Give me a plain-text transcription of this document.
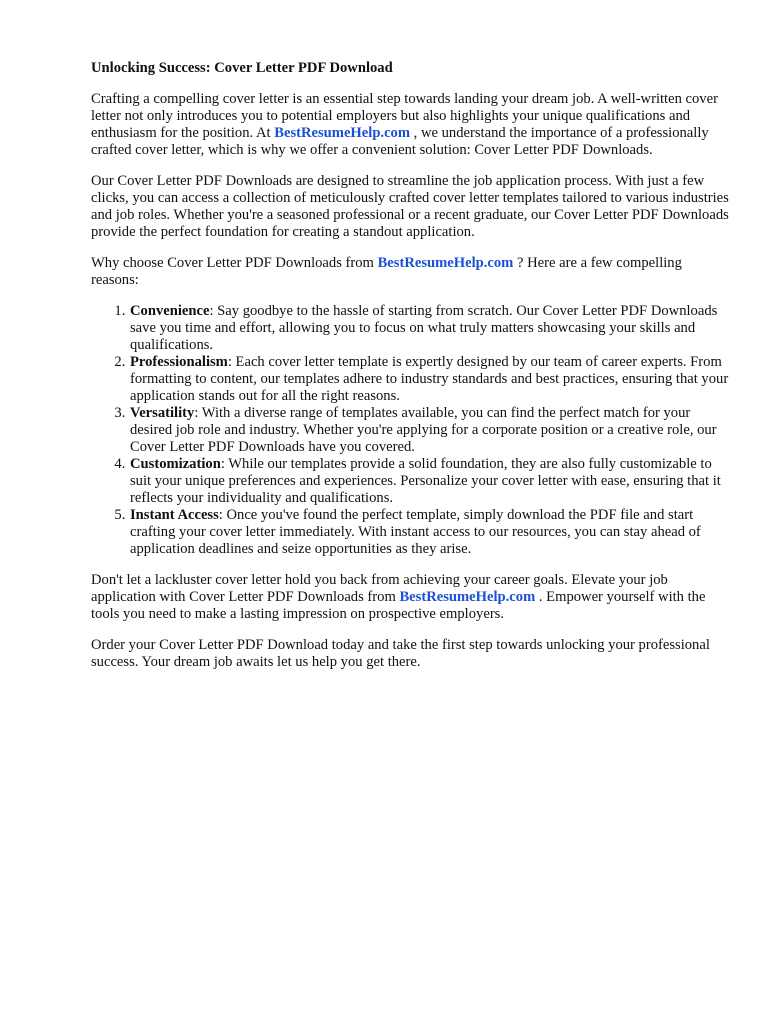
Unlocking Success: Cover Letter PDF Download

Crafting a compelling cover letter is an essential step towards landing your dream job. A well-written cover letter not only introduces you to potential employers but also highlights your unique qualifications and enthusiasm for the position. At BestResumeHelp.com , we understand the importance of a professionally crafted cover letter, which is why we offer a convenient solution: Cover Letter PDF Downloads.

Our Cover Letter PDF Downloads are designed to streamline the job application process. With just a few clicks, you can access a collection of meticulously crafted cover letter templates tailored to various industries and job roles. Whether you're a seasoned professional or a recent graduate, our Cover Letter PDF Downloads provide the perfect foundation for creating a standout application.

Why choose Cover Letter PDF Downloads from BestResumeHelp.com ? Here are a few compelling reasons:

1. Convenience: Say goodbye to the hassle of starting from scratch. Our Cover Letter PDF Downloads save you time and effort, allowing you to focus on what truly matters showcasing your skills and qualifications.
2. Professionalism: Each cover letter template is expertly designed by our team of career experts. From formatting to content, our templates adhere to industry standards and best practices, ensuring that your application stands out for all the right reasons.
3. Versatility: With a diverse range of templates available, you can find the perfect match for your desired job role and industry. Whether you're applying for a corporate position or a creative role, our Cover Letter PDF Downloads have you covered.
4. Customization: While our templates provide a solid foundation, they are also fully customizable to suit your unique preferences and experiences. Personalize your cover letter with ease, ensuring that it reflects your individuality and qualifications.
5. Instant Access: Once you've found the perfect template, simply download the PDF file and start crafting your cover letter immediately. With instant access to our resources, you can stay ahead of application deadlines and seize opportunities as they arise.

Don't let a lackluster cover letter hold you back from achieving your career goals. Elevate your job application with Cover Letter PDF Downloads from BestResumeHelp.com . Empower yourself with the tools you need to make a lasting impression on prospective employers.

Order your Cover Letter PDF Download today and take the first step towards unlocking your professional success. Your dream job awaits let us help you get there.
